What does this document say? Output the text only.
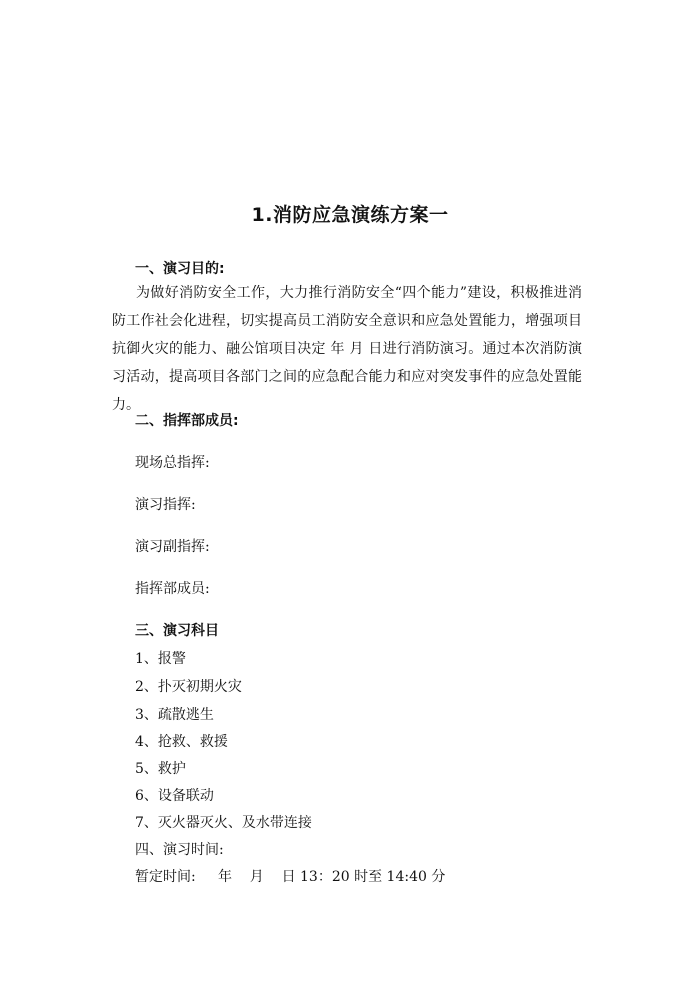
1.消防应急演练方案一
一、演习目的:
为做好消防安全工作，大力推行消防安全“四个能力”建设，积极推进消防工作社会化进程，切实提高员工消防安全意识和应急处置能力，增强项目抗御火灾的能力、融公馆项目决定 年 月 日进行消防演习。通过本次消防演习活动，提高项目各部门之间的应急配合能力和应对突发事件的应急处置能力。
二、指挥部成员:
现场总指挥:
演习指挥:
演习副指挥:
指挥部成员:
三、演习科目
1、报警
2、扑灭初期火灾
3、疏散逃生
4、抢救、救援
5、救护
6、设备联动
7、灭火器灭火、及水带连接
四、演习时间:
暂定时间:     年    月    日 13：20 时至 14:40 分
